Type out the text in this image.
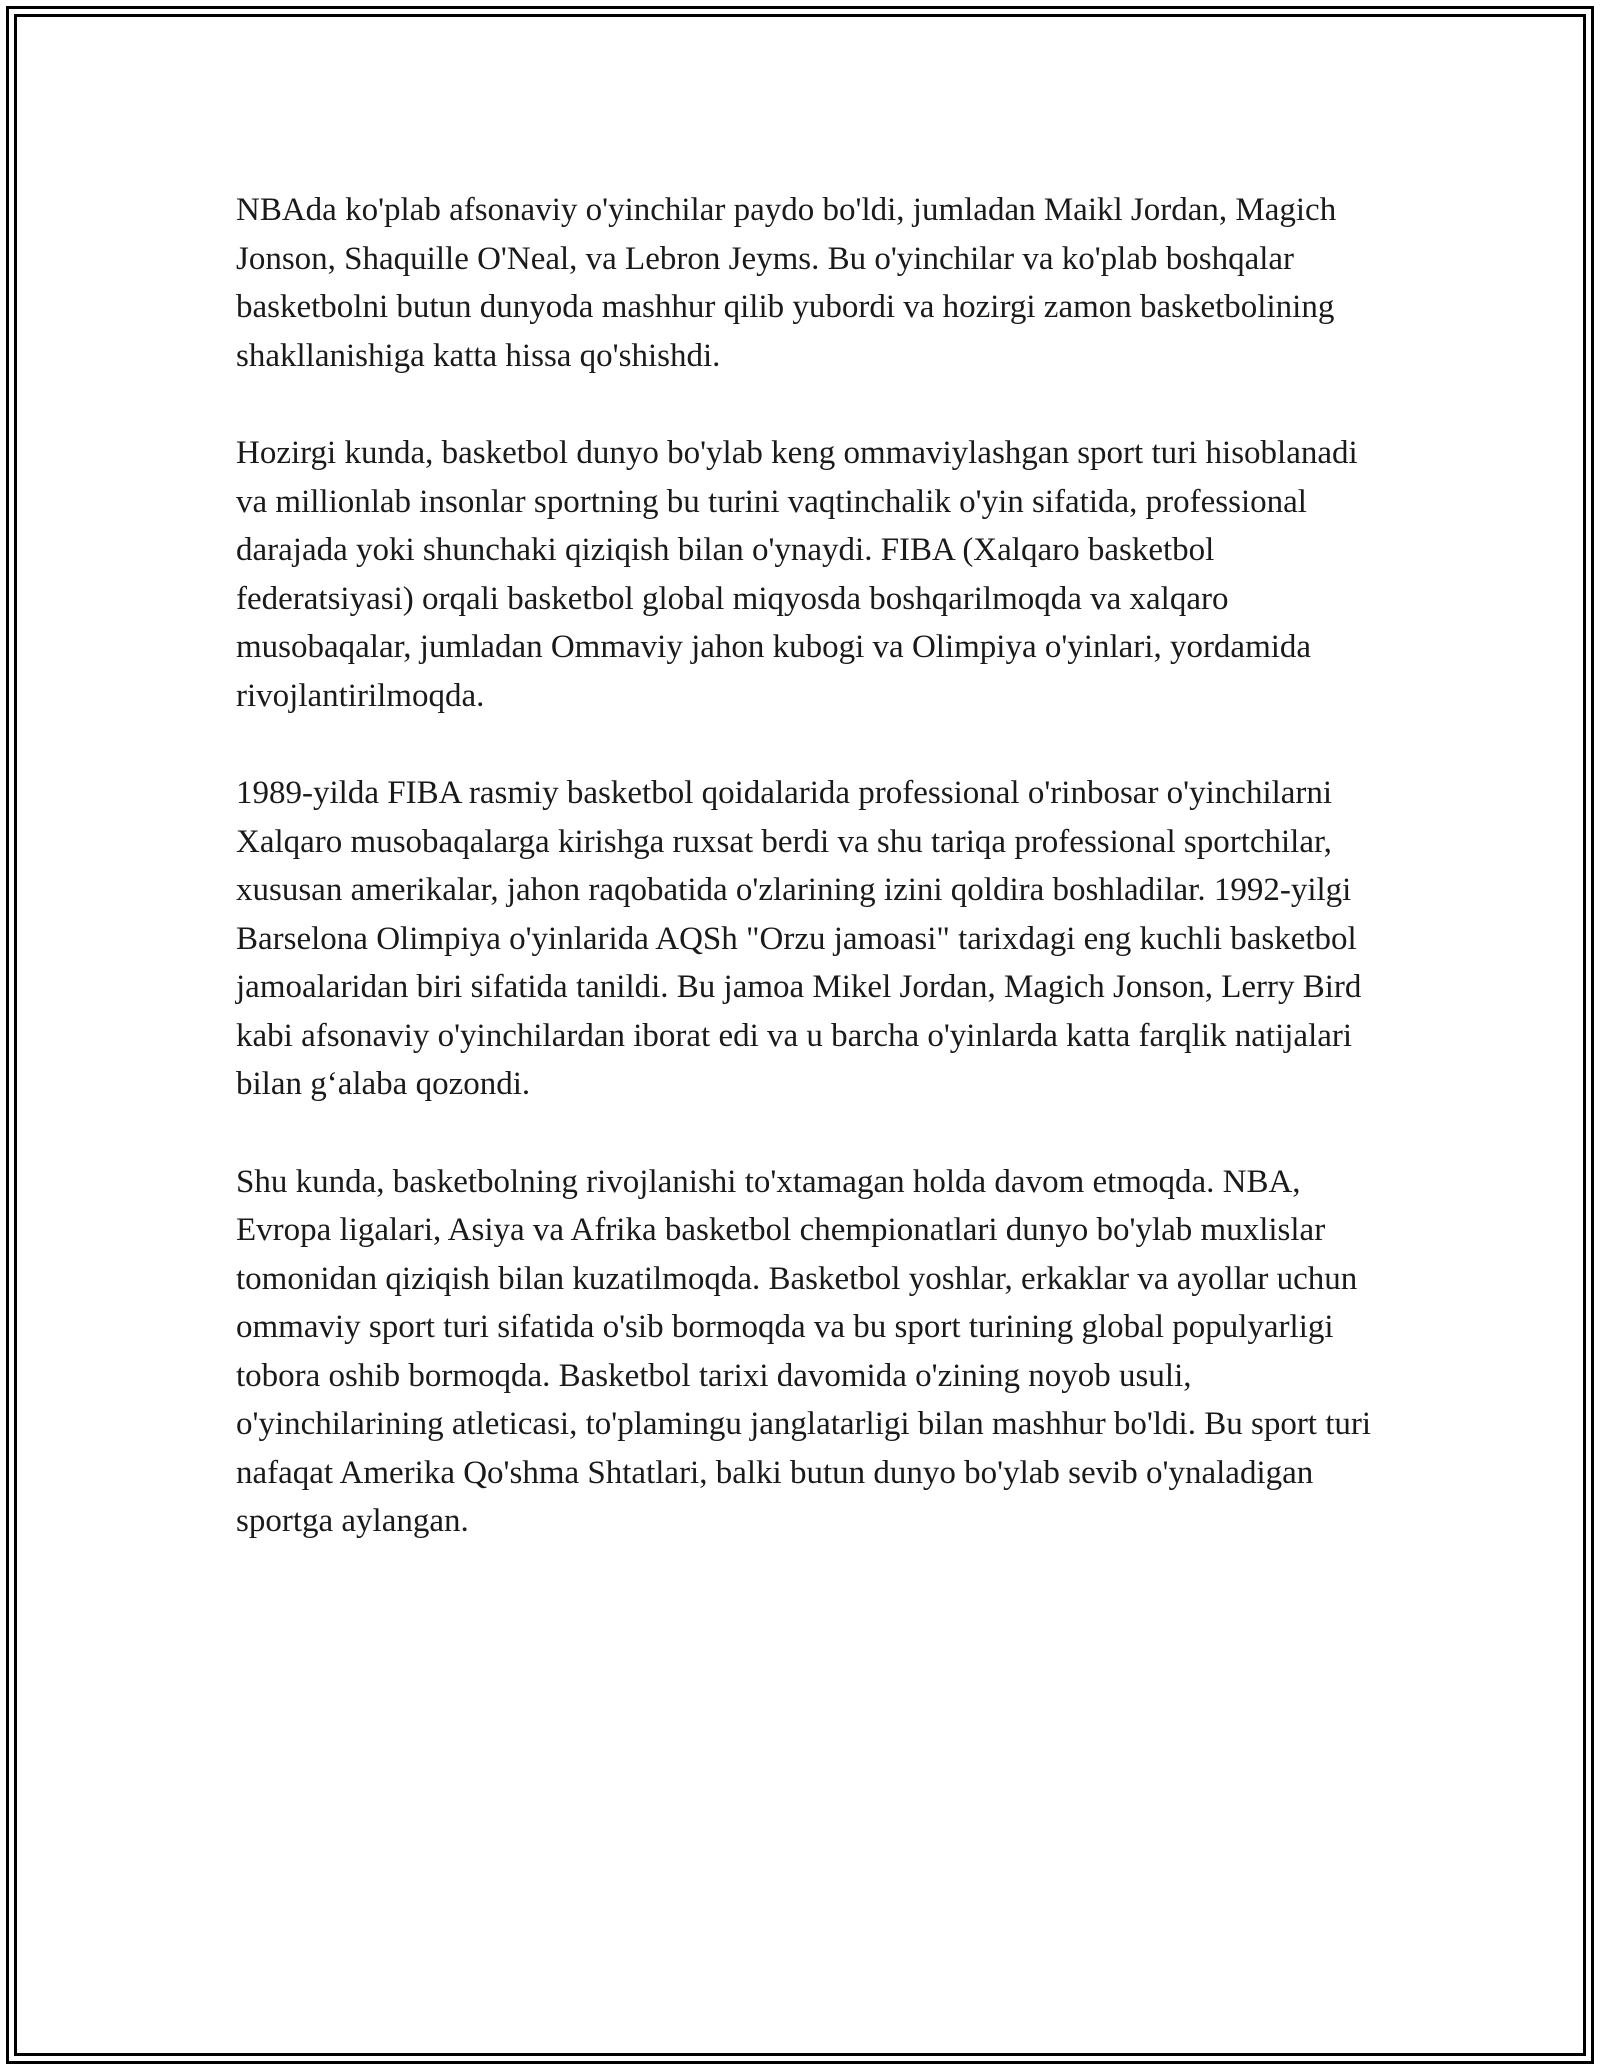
NBAda ko'plab afsonaviy o'yinchilar paydo bo'ldi, jumladan Maikl Jordan, Magich Jonson, Shaquille O'Neal, va Lebron Jeyms. Bu o'yinchilar va ko'plab boshqalar basketbolni butun dunyoda mashhur qilib yubordi va hozirgi zamon basketbolining shakllanishiga katta hissa qo'shishdi.

Hozirgi kunda, basketbol dunyo bo'ylab keng ommaviylashgan sport turi hisoblanadi va millionlab insonlar sportning bu turini vaqtinchalik o'yin sifatida, professional darajada yoki shunchaki qiziqish bilan o'ynaydi. FIBA (Xalqaro basketbol federatsiyasi) orqali basketbol global miqyosda boshqarilmoqda va xalqaro musobaqalar, jumladan Ommaviy jahon kubogi va Olimpiya o'yinlari, yordamida rivojlantirilmoqda.

1989-yilda FIBA rasmiy basketbol qoidalarida professional o'rinbosar o'yinchilarni Xalqaro musobaqalarga kirishga ruxsat berdi va shu tariqa professional sportchilar, xususan amerikalar, jahon raqobatida o'zlarining izini qoldira boshladilar. 1992-yilgi Barselona Olimpiya o'yinlarida AQSh "Orzu jamoasi" tarixdagi eng kuchli basketbol jamoalaridan biri sifatida tanildi. Bu jamoa Mikel Jordan, Magich Jonson, Lerry Bird kabi afsonaviy o'yinchilardan iborat edi va u barcha o'yinlarda katta farqlik natijalari bilan g‘alaba qozondi.

Shu kunda, basketbolning rivojlanishi to'xtamagan holda davom etmoqda. NBA, Evropa ligalari, Asiya va Afrika basketbol chempionatlari dunyo bo'ylab muxlislar tomonidan qiziqish bilan kuzatilmoqda. Basketbol yoshlar, erkaklar va ayollar uchun ommaviy sport turi sifatida o'sib bormoqda va bu sport turining global populyarligi tobora oshib bormoqda. Basketbol tarixi davomida o'zining noyob usuli, o'yinchilarining atleticasi, to'plamingu janglatarligi bilan mashhur bo'ldi. Bu sport turi nafaqat Amerika Qo'shma Shtatlari, balki butun dunyo bo'ylab sevib o'ynaladigan sportga aylangan.
